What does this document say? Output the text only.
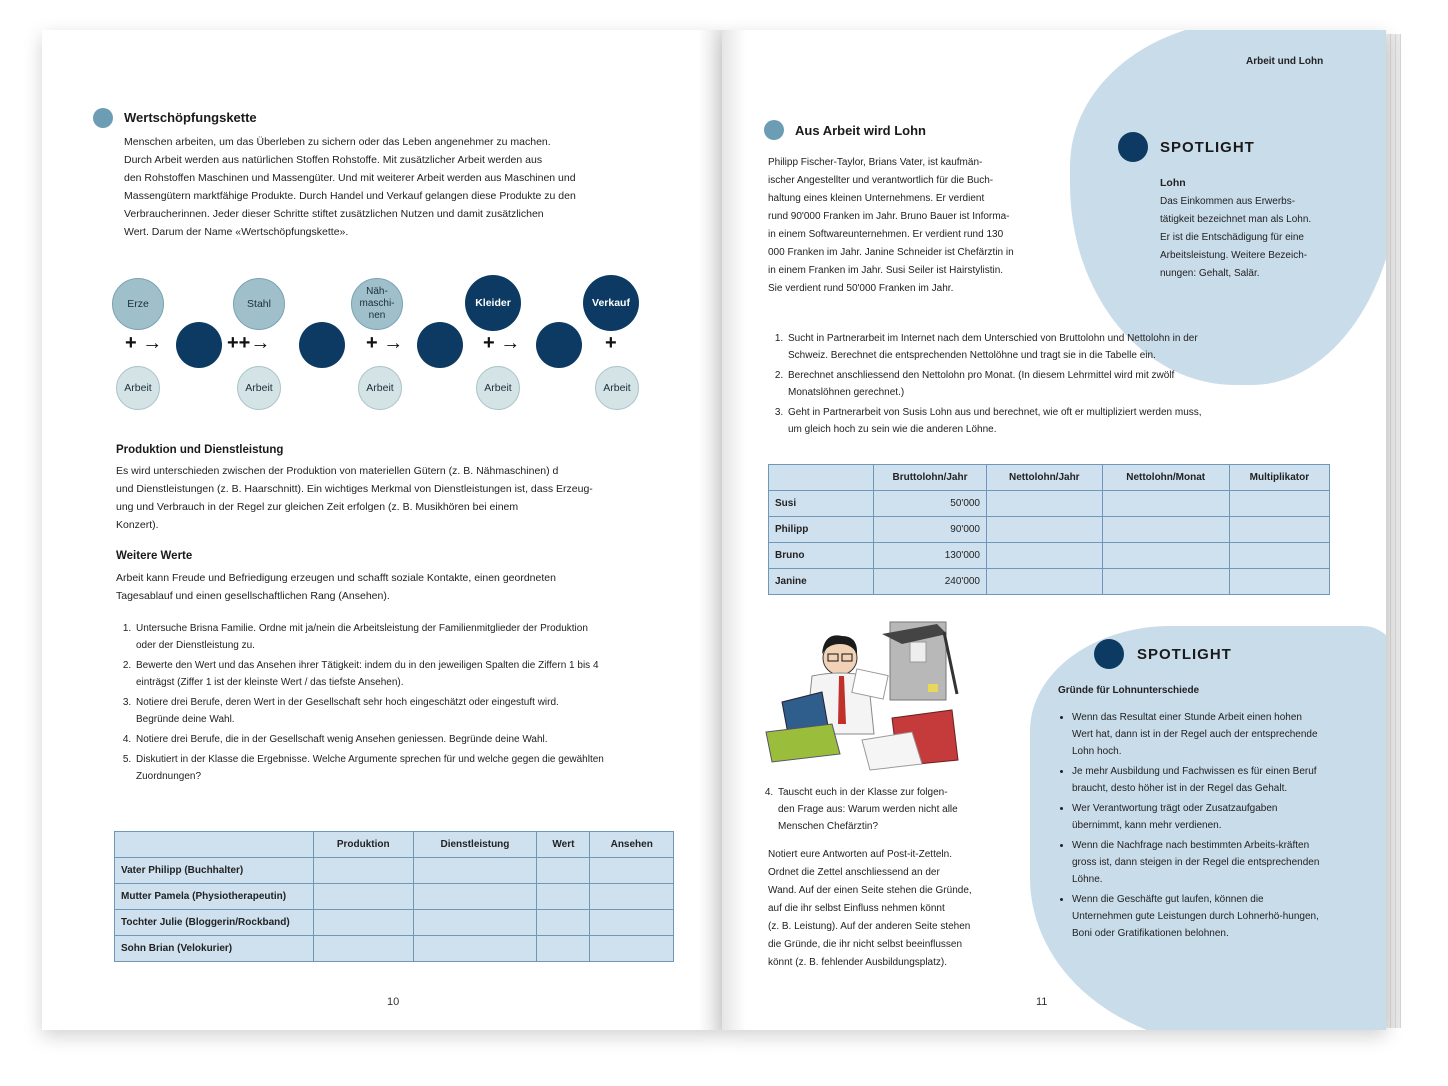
Wertschöpfungskette
Menschen arbeiten, um das Überleben zu sichern oder das Leben angenehmer zu machen.
Durch Arbeit werden aus natürlichen Stoffen Rohstoffe. Mit zusätzlicher Arbeit werden aus
den Rohstoffen Maschinen und Massengüter. Und mit weiterer Arbeit werden aus Maschinen und
Massengütern marktfähige Produkte. Durch Handel und Verkauf gelangen diese Produkte zu den
Verbraucherinnen. Jeder dieser Schritte stiftet zusätzlichen Nutzen und damit zusätzlichen
Wert. Darum der Name «Wertschöpfungskette».
Erze	Stahl
Näh-
maschi-
nen
Kleider	Verkauf
+ →	++→	+ →	+ →	+
Arbeit	Arbeit	Arbeit	Arbeit	Arbeit
Produktion und Dienstleistung
Es wird unterschieden zwischen der Produktion von materiellen Gütern (z. B. Nähmaschinen) d
und Dienstleistungen (z. B. Haarschnitt). Ein wichtiges Merkmal von Dienstleistungen ist, dass Erzeug-
ung und Verbrauch in der Regel zur gleichen Zeit erfolgen (z. B. Musikhören bei einem
Konzert).
Weitere Werte
Arbeit kann Freude und Befriedigung erzeugen und schafft soziale Kontakte, einen geordneten
Tagesablauf und einen gesellschaftlichen Rang (Ansehen).
1. Untersuche Brisna Familie. Ordne mit ja/nein die Arbeitsleistung der Familienmitglieder der Produktion oder der Dienstleistung zu.
2. Bewerte den Wert und das Ansehen ihrer Tätigkeit: indem du in den jeweiligen Spalten die Ziffern 1 bis 4 einträgst (Ziffer 1 ist der kleinste Wert / das tiefste Ansehen).
3. Notiere drei Berufe, deren Wert in der Gesellschaft sehr hoch eingeschätzt oder eingestuft wird. Begründe deine Wahl.
4. Notiere drei Berufe, die in der Gesellschaft wenig Ansehen geniessen. Begründe deine Wahl.
5. Diskutiert in der Klasse die Ergebnisse. Welche Argumente sprechen für und welche gegen die gewählten Zuordnungen?
	Produktion	Dienstleistung	Wert	Ansehen
Vater Philipp (Buchhalter)				
Mutter Pamela (Physiotherapeutin)				
Tochter Julie (Bloggerin/Rockband)				
Sohn Brian (Velokurier)				
10
Arbeit und Lohn
Aus Arbeit wird Lohn
Philipp Fischer-Taylor, Brians Vater, ist kaufmän-
ischer Angestellter und verantwortlich für die Buch-
haltung eines kleinen Unternehmens. Er verdient
rund 90'000 Franken im Jahr. Bruno Bauer ist Informa-
in einem Softwareunternehmen. Er verdient rund 130
000 Franken im Jahr. Janine Schneider ist Chefärztin in
in einem Franken im Jahr. Susi Seiler ist Hairstylistin.
Sie verdient rund 50'000 Franken im Jahr.
SPOTLIGHT
Lohn
Das Einkommen aus Erwerbs-
tätigkeit bezeichnet man als Lohn.
Er ist die Entschädigung für eine
Arbeitsleistung. Weitere Bezeich-
nungen: Gehalt, Salär.
1. Sucht in Partnerarbeit im Internet nach dem Unterschied von Bruttolohn und Nettolohn in der Schweiz. Berechnet die entsprechenden Nettolöhne und tragt sie in die Tabelle ein.
2. Berechnet anschliessend den Nettolohn pro Monat. (In diesem Lehrmittel wird mit zwölf Monatslöhnen gerechnet.)
3. Geht in Partnerarbeit von Susis Lohn aus und berechnet, wie oft er multipliziert werden muss, um gleich hoch zu sein wie die anderen Löhne.
	Bruttolohn/Jahr	Nettolohn/Jahr	Nettolohn/Monat	Multiplikator
Susi	50'000			
Philipp	90'000			
Bruno	130'000			
Janine	240'000			
4. Tauscht euch in der Klasse zur folgen-
den Frage aus: Warum werden nicht alle
Menschen Chefärztin?
Notiert eure Antworten auf Post-it-Zetteln.
Ordnet die Zettel anschliessend an der
Wand. Auf der einen Seite stehen die Gründe,
auf die ihr selbst Einfluss nehmen könnt
(z. B. Leistung). Auf der anderen Seite stehen
die Gründe, die ihr nicht selbst beeinflussen
könnt (z. B. fehlender Ausbildungsplatz).
SPOTLIGHT
Gründe für Lohnunterschiede
• Wenn das Resultat einer Stunde Arbeit einen hohen Wert hat, dann ist in der Regel auch der entsprechende Lohn hoch.
• Je mehr Ausbildung und Fachwissen es für einen Beruf braucht, desto höher ist in der Regel das Gehalt.
• Wer Verantwortung trägt oder Zusatzaufgaben übernimmt, kann mehr verdienen.
• Wenn die Nachfrage nach bestimmten Arbeits-kräften gross ist, dann steigen in der Regel die entsprechenden Löhne.
• Wenn die Geschäfte gut laufen, können die Unternehmen gute Leistungen durch Lohnerhö-hungen, Boni oder Gratifikationen belohnen.
11
